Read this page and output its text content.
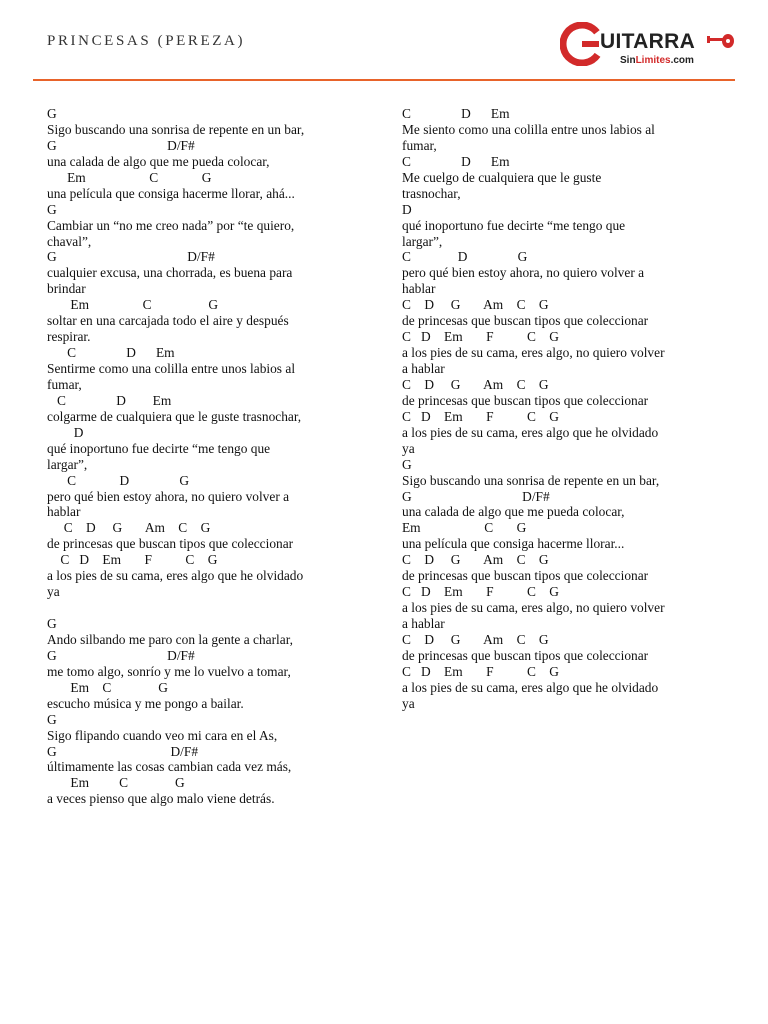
PRINCESAS (PEREZA)	UITARRA
SinLimites.com
G
Sigo buscando una sonrisa de repente en un bar,
G                                 D/F#
una calada de algo que me pueda colocar,
Em                   C             G
una película que consiga hacerme llorar, ahá...
G
Cambiar un “no me creo nada” por “te quiero,
chaval”,
G                                       D/F#
cualquier excusa, una chorrada, es buena para
brindar
Em                C                 G
soltar en una carcajada todo el aire y después
respirar.
C               D      Em
Sentirme como una colilla entre unos labios al
fumar,
C               D        Em
colgarme de cualquiera que le guste trasnochar,
D
qué inoportuno fue decirte “me tengo que
largar”,
C             D               G
pero qué bien estoy ahora, no quiero volver a
hablar
C    D     G       Am    C    G
de princesas que buscan tipos que coleccionar
C   D    Em       F          C    G
a los pies de su cama, eres algo que he olvidado
ya
G
Ando silbando me paro con la gente a charlar,
G                                 D/F#
me tomo algo, sonrío y me lo vuelvo a tomar,
Em    C              G
escucho música y me pongo a bailar.
G
Sigo flipando cuando veo mi cara en el As,
G                                  D/F#
últimamente las cosas cambian cada vez más,
Em         C              G
a veces pienso que algo malo viene detrás.
C               D      Em
Me siento como una colilla entre unos labios al
fumar,
C               D      Em
Me cuelgo de cualquiera que le guste
trasnochar,
D
qué inoportuno fue decirte “me tengo que
largar”,
C              D               G
pero qué bien estoy ahora, no quiero volver a
hablar
C    D     G       Am    C    G
de princesas que buscan tipos que coleccionar
C   D    Em       F          C    G
a los pies de su cama, eres algo, no quiero volver
a hablar
C    D     G       Am    C    G
de princesas que buscan tipos que coleccionar
C   D    Em       F          C    G
a los pies de su cama, eres algo que he olvidado
ya
G
Sigo buscando una sonrisa de repente en un bar,
G                                 D/F#
una calada de algo que me pueda colocar,
Em                   C       G
una película que consiga hacerme llorar...
C    D     G       Am    C    G
de princesas que buscan tipos que coleccionar
C   D    Em       F          C    G
a los pies de su cama, eres algo, no quiero volver
a hablar
C    D     G       Am    C    G
de princesas que buscan tipos que coleccionar
C   D    Em       F          C    G
a los pies de su cama, eres algo que he olvidado
ya
